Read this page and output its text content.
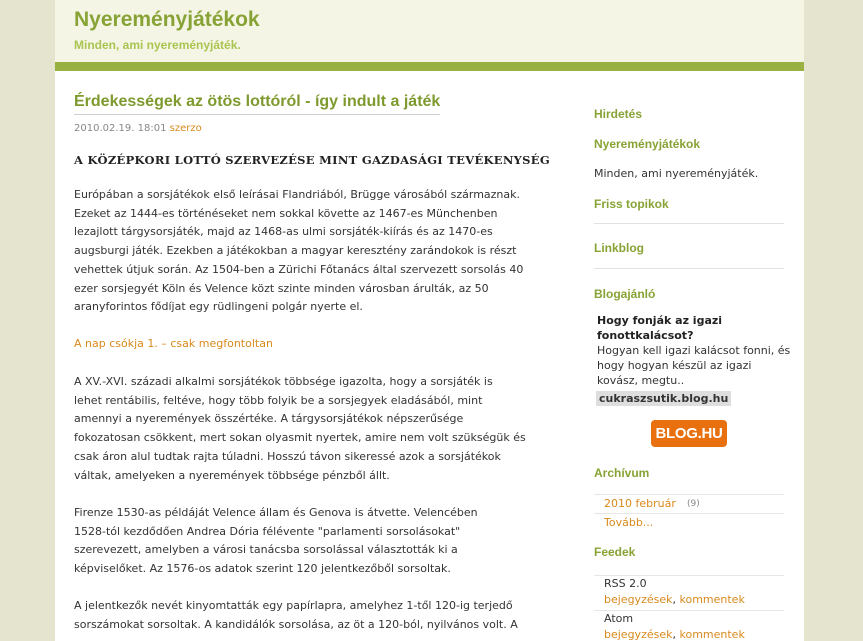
Nyereményjátékok
Minden, ami nyereményjáték.
Érdekességek az ötös lottóról - így indult a játék
2010.02.19. 18:01 szerzo
A KÖZÉPKORI LOTTÓ SZERVEZÉSE MINT GAZDASÁGI TEVÉKENYSÉG
Európában a sorsjátékok első leírásai Flandriából, Brügge városából származnak.
Ezeket az 1444-es történéseket nem sokkal követte az 1467-es Münchenben
lezajlott tárgysorsjáték, majd az 1468-as ulmi sorsjáték-kiírás és az 1470-es
augsburgi játék. Ezekben a játékokban a magyar keresztény zarándokok is részt
vehettek útjuk során. Az 1504-ben a Zürichi Főtanács által szervezett sorsolás 40
ezer sorsjegyét Köln és Velence közt szinte minden városban árulták, az 50
aranyforintos fődíjat egy rüdlingeni polgár nyerte el.
A nap csókja 1. – csak megfontoltan
A XV.-XVI. századi alkalmi sorsjátékok többsége igazolta, hogy a sorsjáték is
lehet rentábilis, feltéve, hogy több folyik be a sorsjegyek eladásából, mint
amennyi a nyeremények összértéke. A tárgysorsjátékok népszerűsége
fokozatosan csökkent, mert sokan olyasmit nyertek, amire nem volt szükségük és
csak áron alul tudtak rajta túladni. Hosszú távon sikeressé azok a sorsjátékok
váltak, amelyeken a nyeremények többsége pénzből állt.
Firenze 1530-as példáját Velence állam és Genova is átvette. Velencében
1528-tól kezdődően Andrea Dória félévente "parlamenti sorsolásokat"
szerevezett, amelyben a városi tanácsba sorsolással választották ki a
képviselőket. Az 1576-os adatok szerint 120 jelentkezőből sorsoltak.
A jelentkezők nevét kinyomtatták egy papírlapra, amelyhez 1-től 120-ig terjedő
sorszámokat sorsoltak. A kandidálók sorsolása, az öt a 120-ból, nyilvános volt. A
Hirdetés
Nyereményjátékok
Minden, ami nyereményjáték.
Friss topikok
Linkblog
Blogajánló
Hogy fonják az igazi
fonottkalácsot?
Hogyan kell igazi kalácsot fonni, és
hogy hogyan készül az igazi
kovász, megtu..
cukraszsutik.blog.hu
BLOG.HU
Archívum
2010 február (9)
Tovább...
Feedek
RSS 2.0
bejegyzések, kommentek
Atom
bejegyzések, kommentek
